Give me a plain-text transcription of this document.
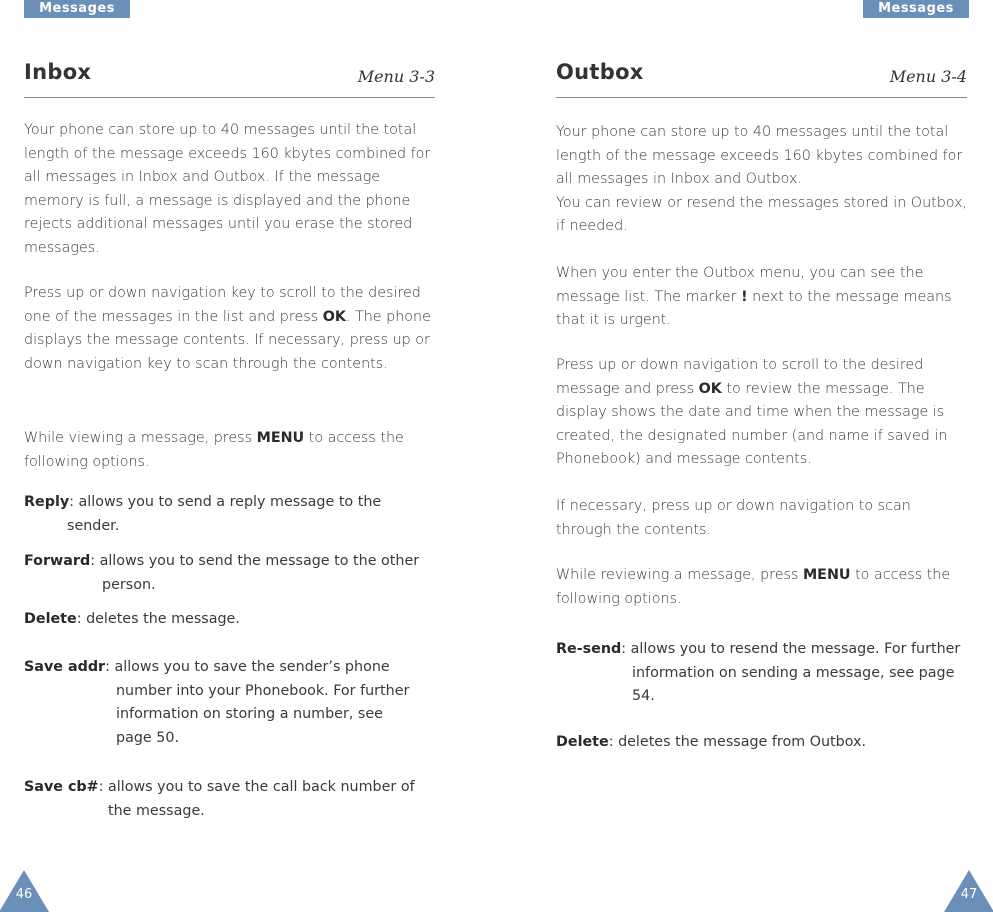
Messages	Messages
Inbox	Menu 3-3

Your phone can store up to 40 messages until the total length of the message exceeds 160 kbytes combined for all messages in Inbox and Outbox. If the message memory is full, a message is displayed and the phone rejects additional messages until you erase the stored messages.

Press up or down navigation key to scroll to the desired one of the messages in the list and press OK. The phone displays the message contents. If necessary, press up or down navigation key to scan through the contents.

While viewing a message, press MENU to access the following options.

Reply: allows you to send a reply message to the
sender.
Forward: allows you to send the message to the other
person.
Delete: deletes the message.
Save addr: allows you to save the sender’s phone
number into your Phonebook. For further information on storing a number, see page 50.
Save cb#: allows you to save the call back number of
the message.
Outbox	Menu 3-4

Your phone can store up to 40 messages until the total length of the message exceeds 160 kbytes combined for all messages in Inbox and Outbox.
You can review or resend the messages stored in Outbox, if needed.

When you enter the Outbox menu, you can see the message list. The marker ! next to the message means that it is urgent.

Press up or down navigation to scroll to the desired message and press OK to review the message. The display shows the date and time when the message is created, the designated number (and name if saved in Phonebook) and message contents.

If necessary, press up or down navigation to scan through the contents.

While reviewing a message, press MENU to access the following options.

Re-send: allows you to resend the message. For further
information on sending a message, see page 54.
Delete: deletes the message from Outbox.
46	47
